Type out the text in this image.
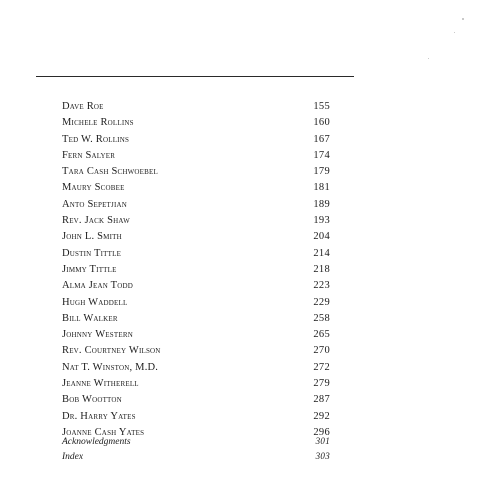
Dave Roe	155
Michele Rollins	160
Ted W. Rollins	167
Fern Salyer	174
Tara Cash Schwoebel	179
Maury Scobee	181
Anto Sepetjian	189
Rev. Jack Shaw	193
John L. Smith	204
Dustin Tittle	214
Jimmy Tittle	218
Alma Jean Todd	223
Hugh Waddell	229
Bill Walker	258
Johnny Western	265
Rev. Courtney Wilson	270
Nat T. Winston, M.D.	272
Jeanne Witherell	279
Bob Wootton	287
Dr. Harry Yates	292
Joanne Cash Yates	296
Acknowledgments	301
Index	303
